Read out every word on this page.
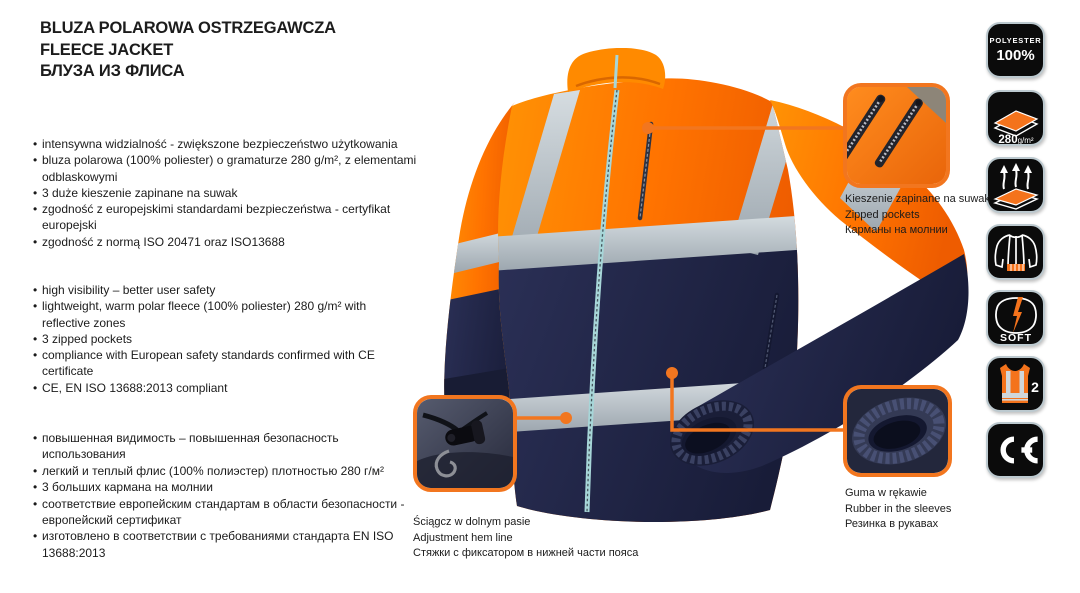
BLUZA POLAROWA OSTRZEGAWCZA
FLEECE JACKET
БЛУЗА ИЗ ФЛИСА
• intensywna widzialność - zwiększone bezpieczeństwo użytkowania
• bluza polarowa (100% poliester) o gramaturze 280 g/m², z elementami odblaskowymi
• 3 duże kieszenie zapinane na suwak
• zgodność z europejskimi standardami bezpieczeństwa - certyfikat europejski
• zgodność z normą ISO 20471 oraz ISO13688
• high visibility – better user safety
• lightweight, warm polar fleece (100% poliester) 280 g/m² with reflective zones
• 3 zipped pockets
• compliance with European safety standards confirmed with CE certificate
• CE, EN ISO 13688:2013 compliant
• повышенная видимость – повышенная безопасность использования
• легкий и теплый флис (100% полиэстер) плотностью 280 г/м²
• 3 больших кармана на молнии
• соответствие европейским стандартам в области безопасности - европейский сертификат
• изготовлено в соответствии с требованиями стандарта EN ISO 13688:2013
Kieszenie zapinane na suwak
Zipped pockets
Карманы на молнии
Ściągcz w dolnym pasie
Adjustment hem line
Стяжки с фиксатором в нижней части пояса
Guma w rękawie
Rubber in the sleeves
Резинка в рукавах
POLYESTER
100%
280g/m²
SOFT
2
